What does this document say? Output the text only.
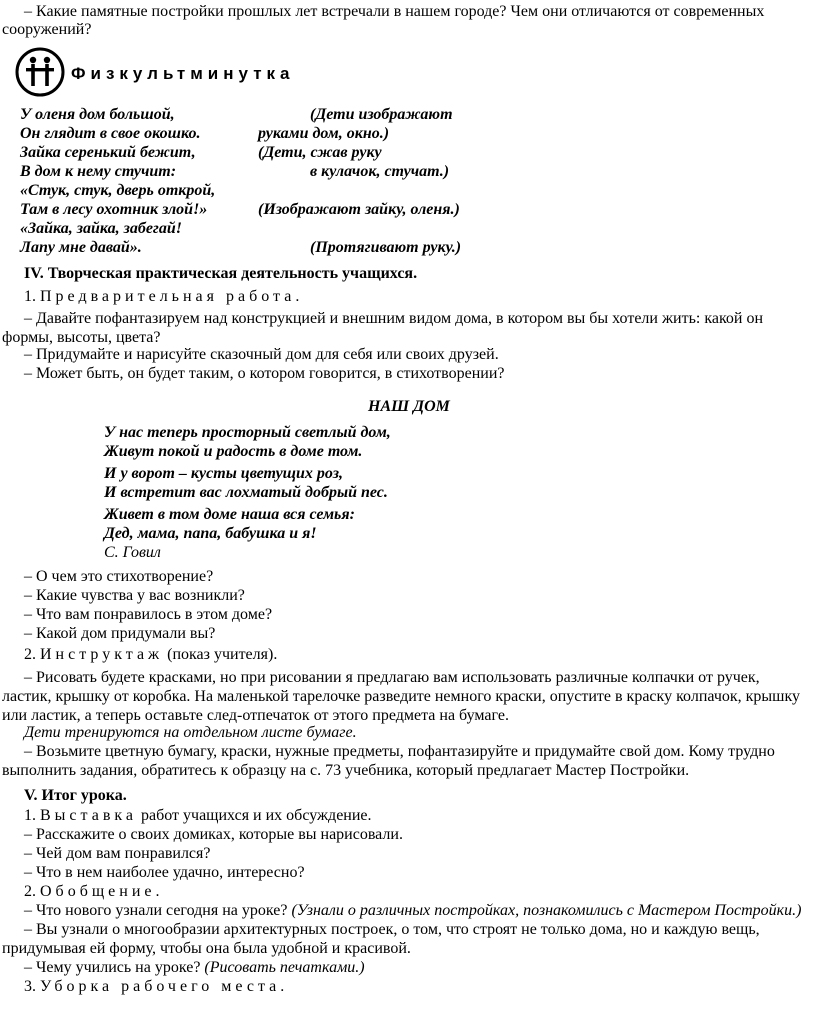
– Какие памятные постройки прошлых лет встречали в нашем городе? Чем они отличаются от современных
сооружений?
Физкультминутка
У оленя дом большой,
Он глядит в свое окошко.
Зайка серенький бежит,
В дом к нему стучит:
«Стук, стук, дверь открой,
Там в лесу охотник злой!»
«Зайка, зайка, забегай!
Лапу мне давай».
(Дети изображают
руками дом, окно.)
(Дети, сжав руку
в кулачок, стучат.)
(Изображают зайку, оленя.)
(Протягивают руку.)
IV. Творческая практическая деятельность учащихся.
1. Предварительная работа.
– Давайте пофантазируем над конструкцией и внешним видом дома, в котором вы бы хотели жить: какой он
формы, высоты, цвета?
– Придумайте и нарисуйте сказочный дом для себя или своих друзей.
– Может быть, он будет таким, о котором говорится, в стихотворении?
НАШ ДОМ
У нас теперь просторный светлый дом,
Живут покой и радость в доме том.
И у ворот – кусты цветущих роз,
И встретит вас лохматый добрый пес.
Живет в том доме наша вся семья:
Дед, мама, папа, бабушка и я!
С. Говил
– О чем это стихотворение?
– Какие чувства у вас возникли?
– Что вам понравилось в этом доме?
– Какой дом придумали вы?
2. Инструктаж (показ учителя).
– Рисовать будете красками, но при рисовании я предлагаю вам использовать различные колпачки от ручек,
ластик, крышку от коробка. На маленькой тарелочке разведите немного краски, опустите в краску колпачок, крышку
или ластик, а теперь оставьте след-отпечаток от этого предмета на бумаге.
Дети тренируются на отдельном листе бумаге.
– Возьмите цветную бумагу, краски, нужные предметы, пофантазируйте и придумайте свой дом. Кому трудно
выполнить задания, обратитесь к образцу на с. 73 учебника, который предлагает Мастер Постройки.
V. Итог урока.
1. Выставка работ учащихся и их обсуждение.
– Расскажите о своих домиках, которые вы нарисовали.
– Чей дом вам понравился?
– Что в нем наиболее удачно, интересно?
2. Обобщение.
– Что нового узнали сегодня на уроке? (Узнали о различных постройках, познакомились с Мастером Постройки.)
– Вы узнали о многообразии архитектурных построек, о том, что строят не только дома, но и каждую вещь,
придумывая ей форму, чтобы она была удобной и красивой.
– Чему учились на уроке? (Рисовать печатками.)
3. Уборка рабочего места.
